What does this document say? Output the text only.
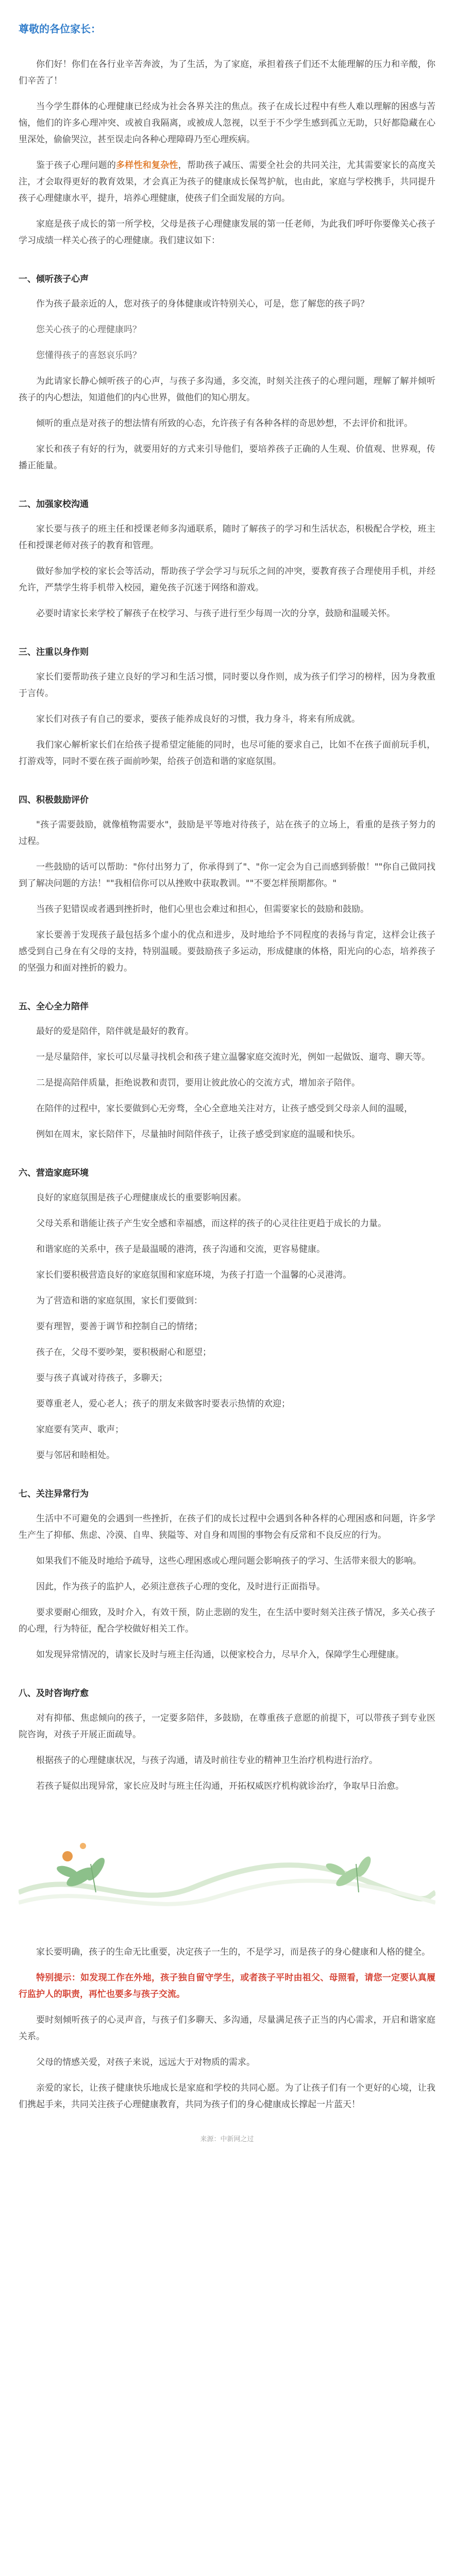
尊敬的各位家长：

你们好！你们在各行业辛苦奔波，为了生活，为了家庭，承担着孩子们还不太能理解的压力和辛酸，你们辛苦了！

当今学生群体的心理健康已经成为社会各界关注的焦点。孩子在成长过程中有些人难以理解的困惑与苦恼，他们的许多心理冲突、或被自我隔离，或被成人忽视，以至于不少学生感到孤立无助，只好都隐藏在心里深处，偷偷哭泣，甚至误走向各种心理障碍乃至心理疾病。

鉴于孩子心理问题的多样性和复杂性，帮助孩子减压、需要全社会的共同关注，尤其需要家长的高度关注，才会取得更好的教育效果，才会真正为孩子的健康成长保驾护航，也由此，家庭与学校携手，共同提升孩子心理健康水平，提升，培养心理健康，使孩子们全面发展的方向。

家庭是孩子成长的第一所学校，父母是孩子心理健康发展的第一任老师，为此我们呼吁你要像关心孩子学习成绩一样关心孩子的心理健康。我们建议如下：

一、倾听孩子心声

作为孩子最亲近的人，您对孩子的身体健康或许特别关心，可是，您了解您的孩子吗？

您关心孩子的心理健康吗？

您懂得孩子的喜怒哀乐吗？

为此请家长静心倾听孩子的心声，与孩子多沟通，多交流，时刻关注孩子的心理问题，理解了解并倾听孩子的内心想法，知道他们的内心世界，做他们的知心朋友。

倾听的重点是对孩子的想法情有所致的心态，允许孩子有各种各样的奇思妙想，不去评价和批评。

家长和孩子有好的行为，就要用好的方式来引导他们，要培养孩子正确的人生观、价值观、世界观，传播正能量。

二、加强家校沟通

家长要与孩子的班主任和授课老师多沟通联系，随时了解孩子的学习和生活状态，积极配合学校，班主任和授课老师对孩子的教育和管理。

做好参加学校的家长会等活动，帮助孩子学会学习与玩乐之间的冲突，要教育孩子合理使用手机，并经允许，严禁学生将手机带入校园，避免孩子沉迷于网络和游戏。

必要时请家长来学校了解孩子在校学习、与孩子进行至少每周一次的分享，鼓励和温暖关怀。

三、注重以身作则

家长们要帮助孩子建立良好的学习和生活习惯，同时要以身作则，成为孩子们学习的榜样，因为身教重于言传。

家长们对孩子有自己的要求，要孩子能养成良好的习惯，我力身斗，将来有所成就。

我们家心解析家长们在给孩子提希望定能能的同时，也尽可能的要求自己，比如不在孩子面前玩手机，打游戏等，同时不要在孩子面前吵架，给孩子创造和谐的家庭氛围。

四、积极鼓励评价

"孩子需要鼓励，就像植物需要水"，鼓励是平等地对待孩子，站在孩子的立场上，看重的是孩子努力的过程。

一些鼓励的话可以帮助："你付出努力了，你承得到了"、"你一定会为自己而感到骄傲！""你自己做同找到了解决问题的方法！""我相信你可以从挫败中获取教训。""不要怎样预期都你。"

当孩子犯错误或者遇到挫折时，他们心里也会难过和担心，但需要家长的鼓励和鼓励。

家长要善于发现孩子最包括多个虚小的优点和进步，及时地给予不同程度的表扬与肯定，这样会让孩子感受到自己身在有父母的支持，特别温暖。要鼓励孩子多运动，形成健康的体格，阳光向的心态，培养孩子的坚强力和面对挫折的毅力。

五、全心全力陪伴

最好的爱是陪伴，陪伴就是最好的教育。

一是尽量陪伴，家长可以尽量寻找机会和孩子建立温馨家庭交流时光，例如一起做饭、遛弯、聊天等。

二是提高陪伴质量，拒绝说教和责罚，要用让彼此放心的交流方式，增加亲子陪伴。

在陪伴的过程中，家长要做到心无旁骛，全心全意地关注对方，让孩子感受到父母亲人间的温暖，

例如在周末，家长陪伴下，尽量抽时间陪伴孩子，让孩子感受到家庭的温暖和快乐。

六、营造家庭环境

良好的家庭氛围是孩子心理健康成长的重要影响因素。

父母关系和谐能让孩子产生安全感和幸福感，而这样的孩子的心灵往往更趋于成长的力量。

和谐家庭的关系中，孩子是最温暖的港湾，孩子沟通和交流，更容易健康。

家长们要积极营造良好的家庭氛围和家庭环境，为孩子打造一个温馨的心灵港湾。

为了营造和谐的家庭氛围，家长们要做到：

要有理智，要善于调节和控制自己的情绪；

孩子在，父母不要吵架，要积极耐心和愿望；

要与孩子真诚对待孩子，多聊天；

要尊重老人，爱心老人；孩子的朋友来做客时要表示热情的欢迎；

家庭要有笑声、歌声；

要与邻居和睦相处。

七、关注异常行为

生活中不可避免的会遇到一些挫折，在孩子们的成长过程中会遇到各种各样的心理困惑和问题，许多学生产生了抑郁、焦虑、冷漠、自卑、狭隘等、对自身和周围的事物会有反常和不良反应的行为。

如果我们不能及时地给予疏导，这些心理困惑或心理问题会影响孩子的学习、生活带来很大的影响。

因此，作为孩子的监护人，必须注意孩子心理的变化，及时进行正面指导。

要求要耐心细致，及时介入，有效干预，防止悲剧的发生，在生活中要时刻关注孩子情况，多关心孩子的心理，行为特征，配合学校做好相关工作。

如发现异常情况的，请家长及时与班主任沟通，以便家校合力，尽早介入，保障学生心理健康。

八、及时咨询疗愈

对有抑郁、焦虑倾向的孩子，一定要多陪伴，多鼓励，在尊重孩子意愿的前提下，可以带孩子到专业医院咨询，对孩子开展正面疏导。

根据孩子的心理健康状况，与孩子沟通，请及时前往专业的精神卫生治疗机构进行治疗。

若孩子疑似出现异常，家长应及时与班主任沟通，开拓权威医疗机构就诊治疗，争取早日治愈。

家长要明确，孩子的生命无比重要，决定孩子一生的，不是学习，而是孩子的身心健康和人格的健全。

特别提示：如发现工作在外地，孩子独自留守学生，或者孩子平时由祖父、母照看，请您一定要认真履行监护人的职责，再忙也要多与孩子交流。

要时刻倾听孩子的心灵声音，与孩子们多聊天、多沟通，尽量满足孩子正当的内心需求，开启和谐家庭关系。

父母的情感关爱，对孩子来说，远远大于对物质的需求。

亲爱的家长，让孩子健康快乐地成长是家庭和学校的共同心愿。为了让孩子们有一个更好的心境，让我们携起手来，共同关注孩子心理健康教育，共同为孩子们的身心健康成长撑起一片蓝天！

来源：中新网之过
